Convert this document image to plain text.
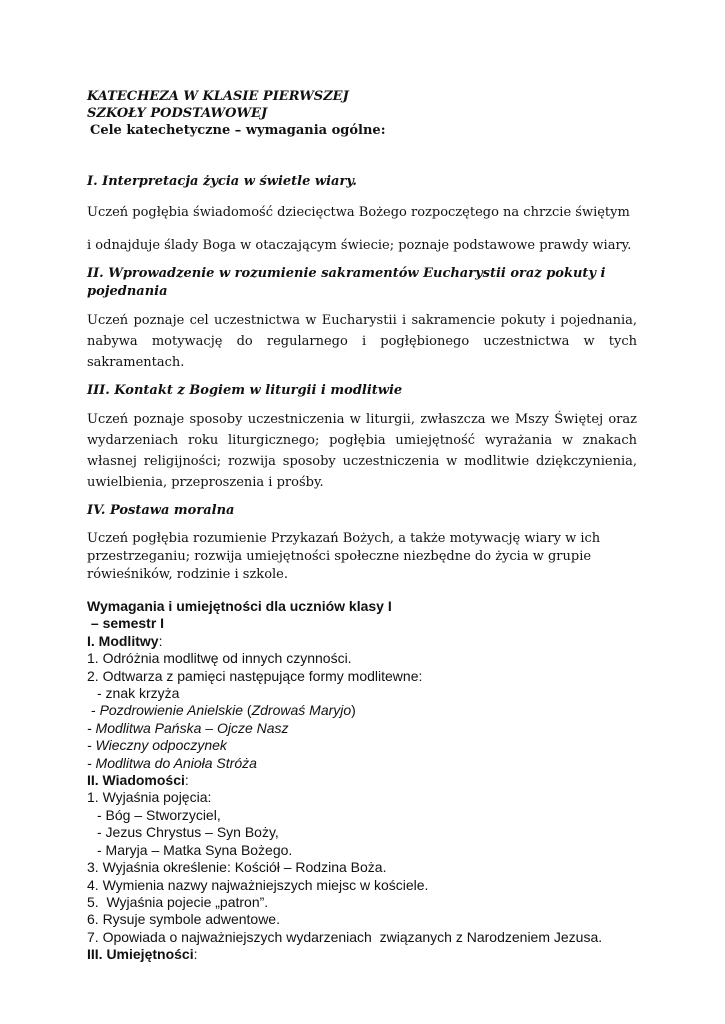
KATECHEZA W KLASIE PIERWSZEJ
SZKOŁY PODSTAWOWEJ
Cele katechetyczne – wymagania ogólne:

I. Interpretacja życia w świetle wiary.

Uczeń pogłębia świadomość dziecięctwa Bożego rozpoczętego na chrzcie świętym

i odnajduje ślady Boga w otaczającym świecie; poznaje podstawowe prawdy wiary.

II. Wprowadzenie w rozumienie sakramentów Eucharystii oraz pokuty i pojednania

Uczeń poznaje cel uczestnictwa w Eucharystii i sakramencie pokuty i pojednania, nabywa motywację do regularnego i pogłębionego uczestnictwa w tych sakramentach.

III. Kontakt z Bogiem w liturgii i modlitwie

Uczeń poznaje sposoby uczestniczenia w liturgii, zwłaszcza we Mszy Świętej oraz wydarzeniach roku liturgicznego; pogłębia umiejętność wyrażania w znakach własnej religijności; rozwija sposoby uczestniczenia w modlitwie dziękczynienia, uwielbienia, przeproszenia i prośby.

IV. Postawa moralna

Uczeń pogłębia rozumienie Przykazań Bożych, a także motywację wiary w ich
przestrzeganiu; rozwija umiejętności społeczne niezbędne do życia w grupie
rówieśników, rodzinie i szkole.
Wymagania i umiejętności dla uczniów klasy I
– semestr I
I. Modlitwy:
1. Odróżnia modlitwę od innych czynności.
2. Odtwarza z pamięci następujące formy modlitewne:
- znak krzyża
- Pozdrowienie Anielskie (Zdrowaś Maryjo)
- Modlitwa Pańska – Ojcze Nasz
- Wieczny odpoczynek
- Modlitwa do Anioła Stróża
II. Wiadomości:
1. Wyjaśnia pojęcia:
- Bóg – Stworzyciel,
- Jezus Chrystus – Syn Boży,
- Maryja – Matka Syna Bożego.
3. Wyjaśnia określenie: Kościół – Rodzina Boża.
4. Wymienia nazwy najważniejszych miejsc w kościele.
5.  Wyjaśnia pojecie „patron”.
6. Rysuje symbole adwentowe.
7. Opowiada o najważniejszych wydarzeniach  związanych z Narodzeniem Jezusa.
III. Umiejętności:
